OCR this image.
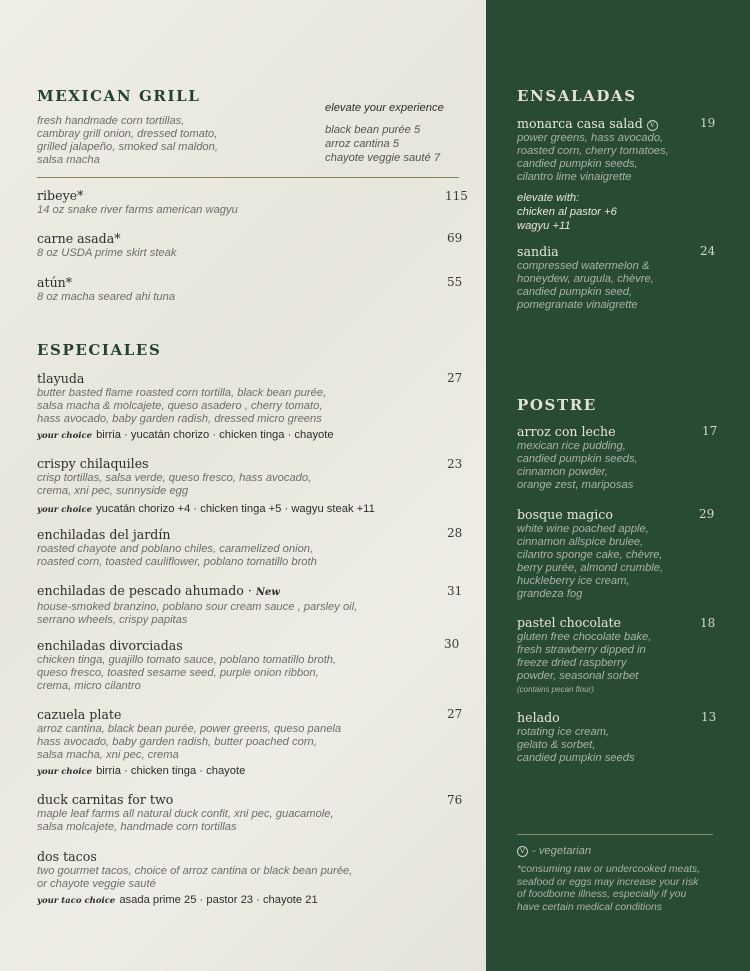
MEXICAN GRILL
fresh handmade corn tortillas,
cambray grill onion, dressed tomato,
grilled jalapeño, smoked sal maldon,
salsa macha
elevate your experience
black bean purée 5
arroz cantina 5
chayote veggie sauté 7
ribeye*
14 oz snake river farms american wagyu
115
carne asada*
8 oz USDA prime skirt steak
69
atún*
8 oz macha seared ahi tuna
55
ESPECIALES
tlayuda
butter basted flame roasted corn tortilla, black bean purée,
salsa macha & molcajete, queso asadero , cherry tomato,
hass avocado, baby garden radish, dressed micro greens
your choice birria · yucatán chorizo · chicken tinga · chayote
27
crispy chilaquiles
crisp tortillas, salsa verde, queso fresco, hass avocado,
crema, xni pec, sunnyside egg
your choice yucatán chorizo +4 · chicken tinga +5 · wagyu steak +11
23
enchiladas del jardín
roasted chayote and poblano chiles, caramelized onion,
roasted corn, toasted cauliflower, poblano tomatillo broth
28
enchiladas de pescado ahumado · New
house-smoked branzino, poblano sour cream sauce , parsley oil,
serrano wheels, crispy papitas
31
enchiladas divorciadas
chicken tinga, guajillo tomato sauce, poblano tomatillo broth,
queso fresco, toasted sesame seed, purple onion ribbon,
crema, micro cilantro
30
cazuela plate
arroz cantina, black bean purée, power greens, queso panela
hass avocado, baby garden radish, butter poached corn,
salsa macha, xni pec, crema
your choice birria · chicken tinga · chayote
27
duck carnitas for two
maple leaf farms all natural duck confit, xni pec, guacamole,
salsa molcajete, handmade corn tortillas
76
dos tacos
two gourmet tacos, choice of arroz cantina or black bean purée,
or chayote veggie sauté
your taco choice asada prime 25 · pastor 23 · chayote 21
ENSALADAS
monarca casa salad V
power greens, hass avocado,
roasted corn, cherry tomatoes,
candied pumpkin seeds,
cilantro lime vinaigrette
19
elevate with:
chicken al pastor +6
wagyu +11
sandia
compressed watermelon &
honeydew, arugula, chèvre,
candied pumpkin seed,
pomegranate vinaigrette
24
POSTRE
arroz con leche
mexican rice pudding,
candied pumpkin seeds,
cinnamon powder,
orange zest, mariposas
17
bosque magico
white wine poached apple,
cinnamon allspice brulee,
cilantro sponge cake, chèvre,
berry purée, almond crumble,
huckleberry ice cream,
grandeza fog
29
pastel chocolate
gluten free chocolate bake,
fresh strawberry dipped in
freeze dried raspberry
powder, seasonal sorbet
(contains pecan flour)
18
helado
rotating ice cream,
gelato & sorbet,
candied pumpkin seeds
13
V - vegetarian
*consuming raw or undercooked meats,
seafood or eggs may increase your risk
of foodborne illness, especially if you
have certain medical conditions
